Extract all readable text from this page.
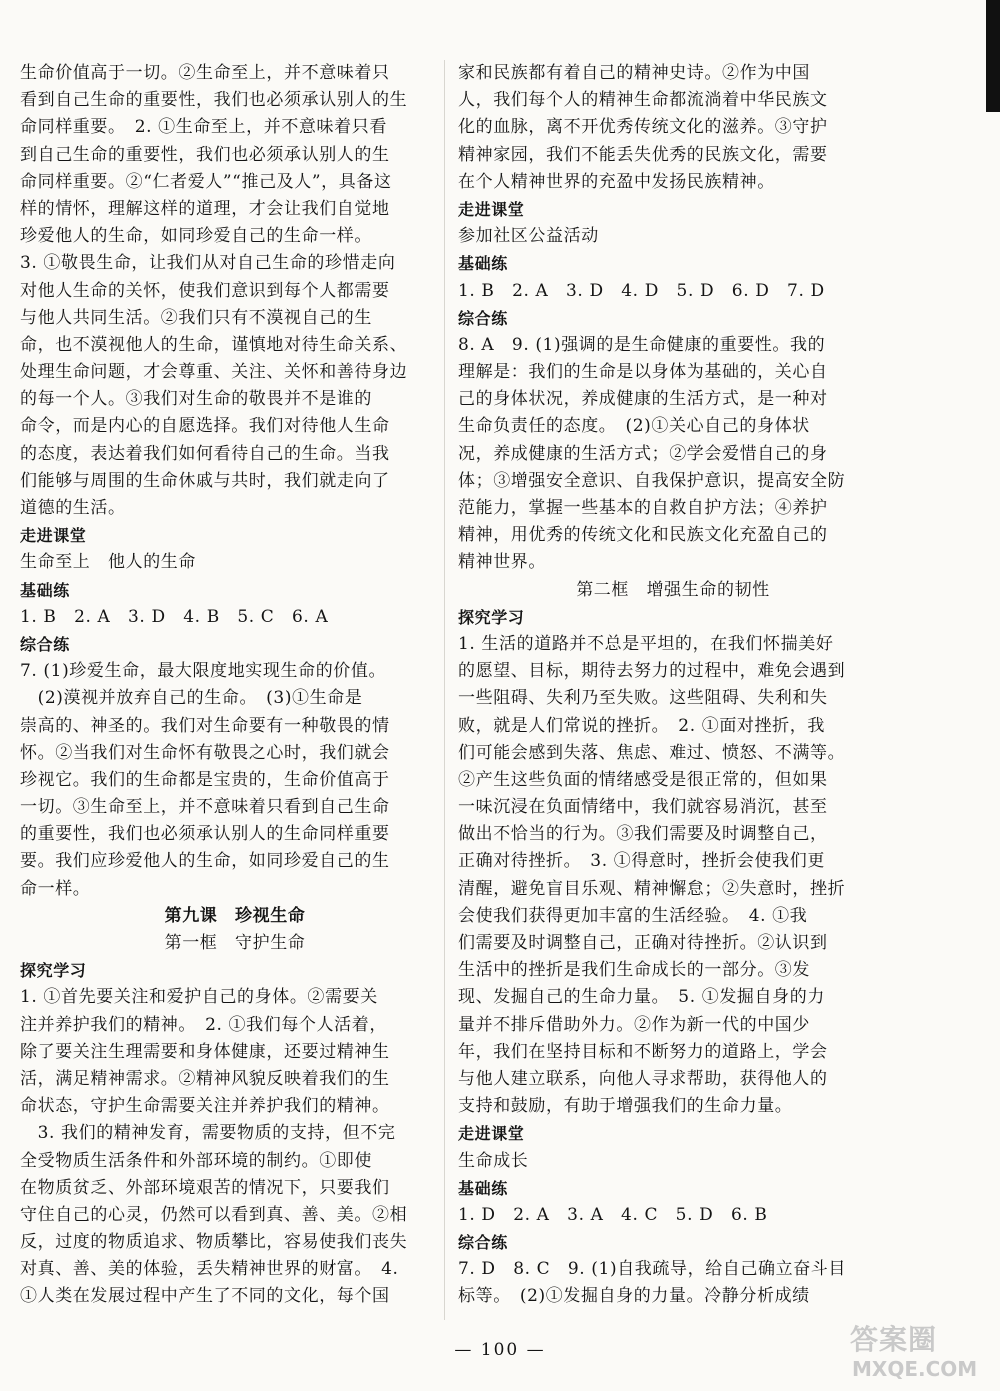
生命价值高于一切。②生命至上，并不意味着只
看到自己生命的重要性，我们也必须承认别人的生
命同样重要。　2. ①生命至上，并不意味着只看
到自己生命的重要性，我们也必须承认别人的生
命同样重要。②“仁者爱人”“推己及人”，具备这
样的情怀，理解这样的道理，才会让我们自觉地
珍爱他人的生命，如同珍爱自己的生命一样。
3. ①敬畏生命，让我们从对自己生命的珍惜走向
对他人生命的关怀，使我们意识到每个人都需要
与他人共同生活。②我们只有不漠视自己的生
命，也不漠视他人的生命，谨慎地对待生命关系、
处理生命问题，才会尊重、关注、关怀和善待身边
的每一个人。③我们对生命的敬畏并不是谁的
命令，而是内心的自愿选择。我们对待他人生命
的态度，表达着我们如何看待自己的生命。当我
们能够与周围的生命休戚与共时，我们就走向了
道德的生活。
走进课堂
生命至上　他人的生命
基础练
1. B　2. A　3. D　4. B　5. C　6. A
综合练
7. (1)珍爱生命，最大限度地实现生命的价值。
　(2)漠视并放弃自己的生命。　(3)①生命是
崇高的、神圣的。我们对生命要有一种敬畏的情
怀。②当我们对生命怀有敬畏之心时，我们就会
珍视它。我们的生命都是宝贵的，生命价值高于
一切。③生命至上，并不意味着只看到自己生命
的重要性，我们也必须承认别人的生命同样重要
要。我们应珍爱他人的生命，如同珍爱自己的生
命一样。
第九课　珍视生命
第一框　守护生命
探究学习
1. ①首先要关注和爱护自己的身体。②需要关
注并养护我们的精神。　2. ①我们每个人活着，
除了要关注生理需要和身体健康，还要过精神生
活，满足精神需求。②精神风貌反映着我们的生
命状态，守护生命需要关注并养护我们的精神。
　3. 我们的精神发育，需要物质的支持，但不完
全受物质生活条件和外部环境的制约。①即使
在物质贫乏、外部环境艰苦的情况下，只要我们
守住自己的心灵，仍然可以看到真、善、美。②相
反，过度的物质追求、物质攀比，容易使我们丧失
对真、善、美的体验，丢失精神世界的财富。　4.
①人类在发展过程中产生了不同的文化，每个国
家和民族都有着自己的精神史诗。②作为中国
人，我们每个人的精神生命都流淌着中华民族文
化的血脉，离不开优秀传统文化的滋养。③守护
精神家园，我们不能丢失优秀的民族文化，需要
在个人精神世界的充盈中发扬民族精神。
走进课堂
参加社区公益活动
基础练
1. B　2. A　3. D　4. D　5. D　6. D　7. D
综合练
8. A　9. (1)强调的是生命健康的重要性。我的
理解是：我们的生命是以身体为基础的，关心自
己的身体状况，养成健康的生活方式，是一种对
生命负责任的态度。　(2)①关心自己的身体状
况，养成健康的生活方式；②学会爱惜自己的身
体；③增强安全意识、自我保护意识，提高安全防
范能力，掌握一些基本的自救自护方法；④养护
精神，用优秀的传统文化和民族文化充盈自己的
精神世界。
第二框　增强生命的韧性
探究学习
1. 生活的道路并不总是平坦的，在我们怀揣美好
的愿望、目标，期待去努力的过程中，难免会遇到
一些阻碍、失利乃至失败。这些阻碍、失利和失
败，就是人们常说的挫折。　2. ①面对挫折，我
们可能会感到失落、焦虑、难过、愤怒、不满等。
②产生这些负面的情绪感受是很正常的，但如果
一味沉浸在负面情绪中，我们就容易消沉，甚至
做出不恰当的行为。③我们需要及时调整自己，
正确对待挫折。　3. ①得意时，挫折会使我们更
清醒，避免盲目乐观、精神懈怠；②失意时，挫折
会使我们获得更加丰富的生活经验。　4. ①我
们需要及时调整自己，正确对待挫折。②认识到
生活中的挫折是我们生命成长的一部分。③发
现、发掘自己的生命力量。　5. ①发掘自身的力
量并不排斥借助外力。②作为新一代的中国少
年，我们在坚持目标和不断努力的道路上，学会
与他人建立联系，向他人寻求帮助，获得他人的
支持和鼓励，有助于增强我们的生命力量。
走进课堂
生命成长
基础练
1. D　2. A　3. A　4. C　5. D　6. B
综合练
7. D　8. C　9. (1)自我疏导，给自己确立奋斗目
标等。　(2)①发掘自身的力量。冷静分析成绩
— 100 —	答案圈
MXQE.COM
